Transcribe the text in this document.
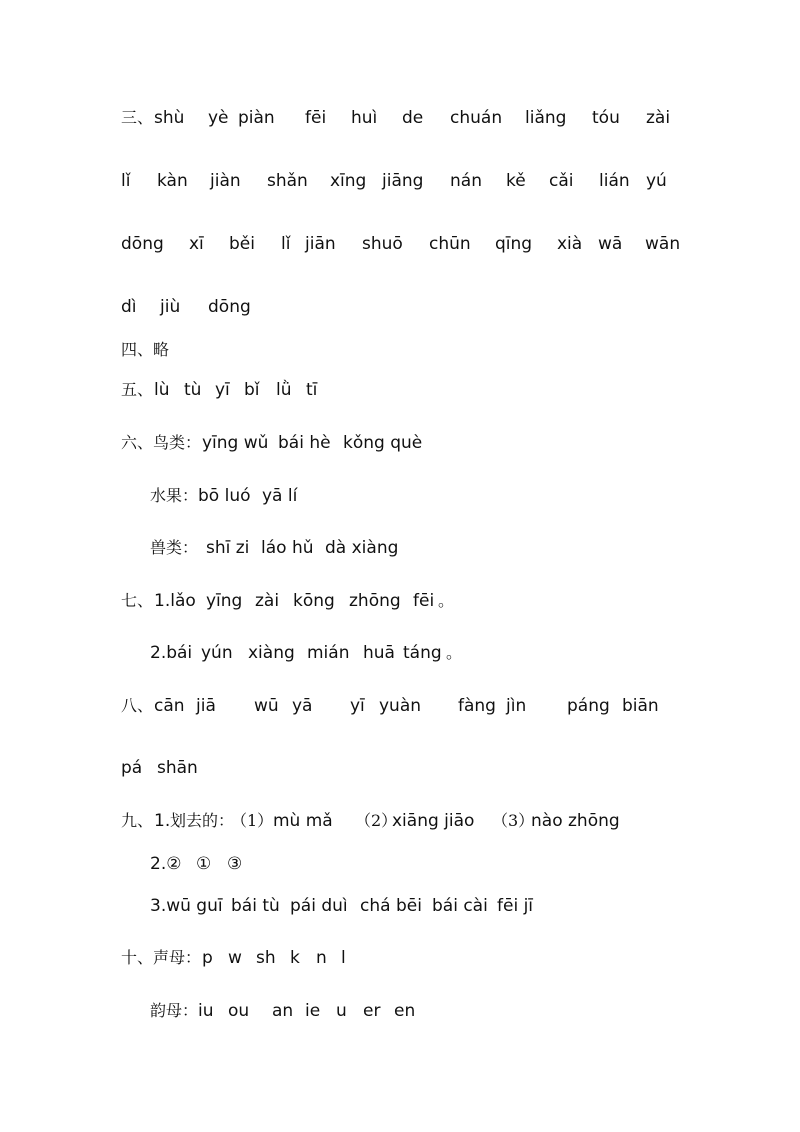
三、 shù yè piàn fēi huì de chuán liǎng tóu zài
lǐ kàn jiàn shǎn xīng jiāng nán kě cǎi lián yú
dōng xī běi lǐ jiān shuō chūn qīng xià wā wān
dì jiù dōng
四、略
五、 lù tù yī bǐ lǜ tī
六、鸟类： yīng wǔ bái hè kǒng què
水果： bō luó yā lí
兽类： shī zi láo hǔ dà xiàng
七、 1.lǎo yīng zài kōng zhōng fēi 。
2.bái yún xiàng mián huā táng 。
八、 cān jiā wū yā yī yuàn fàng jìn páng biān
pá shān
九、 1. 划去的：
（1） mù mǎ （2）
xiāng jiāo （3）
nào zhōng
2.② ① ③
3.wū guī bái tù pái duì chá bēi bái cài fēi jī
十、声母： p w sh k n l
韵母： iu ou an ie u er en
